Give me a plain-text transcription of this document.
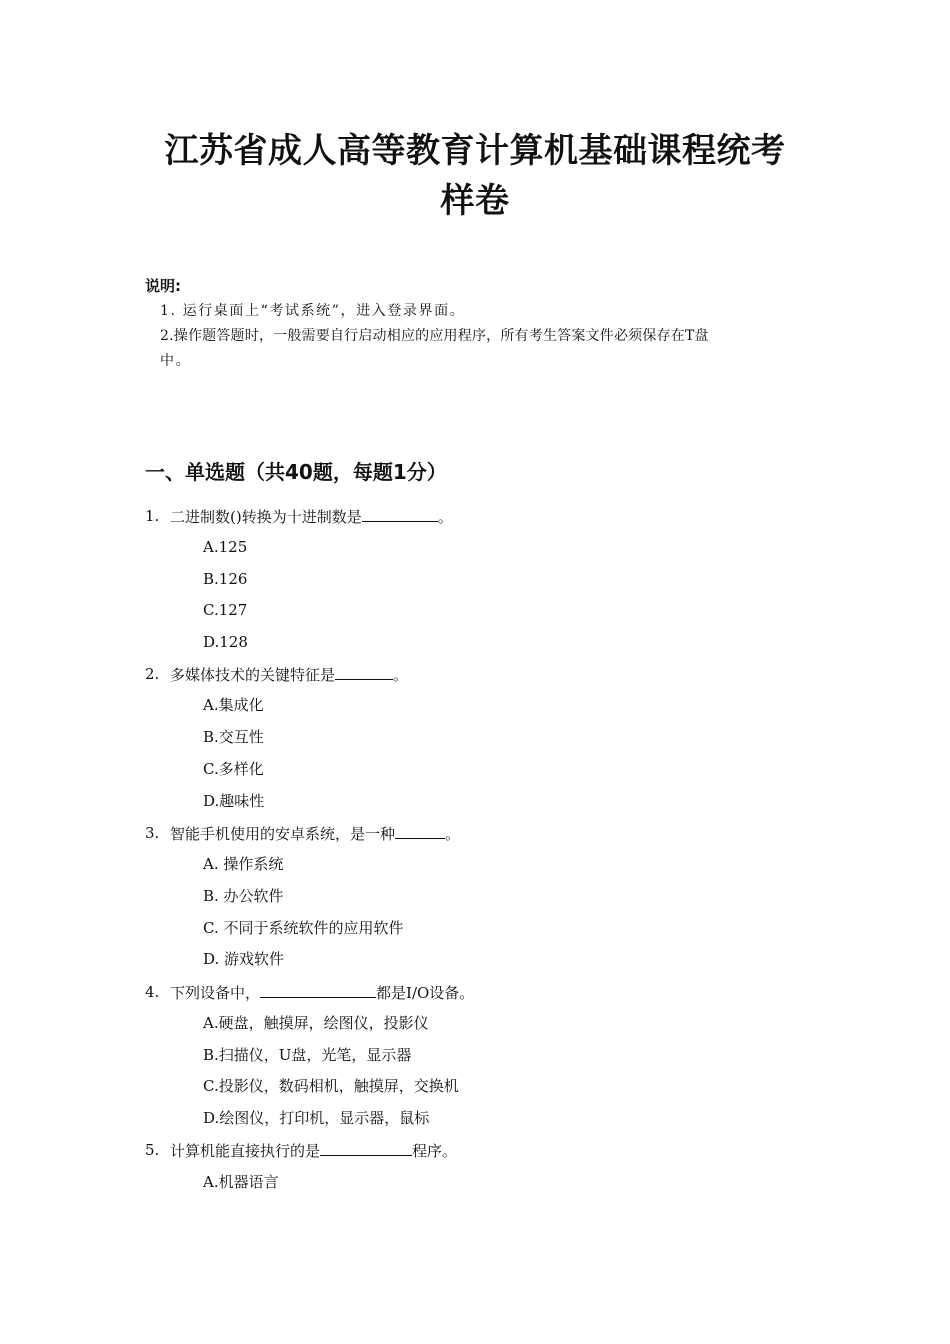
江苏省成人高等教育计算机基础课程统考
样卷
说明:
1. 运行桌面上“考试系统”，进入登录界面。
2.操作题答题时，一般需要自行启动相应的应用程序，所有考生答案文件必须保存在T盘
中。
一、单选题（共40题，每题1分）
1. 二进制数()转换为十进制数是	。
A.125
B.126
C.127
D.128
2. 多媒体技术的关键特征是	。
A.集成化
B.交互性
C.多样化
D.趣味性
3. 智能手机使用的安卓系统，是一种	。
A. 操作系统
B. 办公软件
C. 不同于系统软件的应用软件
D. 游戏软件
4. 下列设备中，	都是I/O设备。
A.硬盘，触摸屏，绘图仪，投影仪
B.扫描仪，U盘，光笔，显示器
C.投影仪，数码相机，触摸屏，交换机
D.绘图仪，打印机，显示器，鼠标
5. 计算机能直接执行的是	程序。
A.机器语言
